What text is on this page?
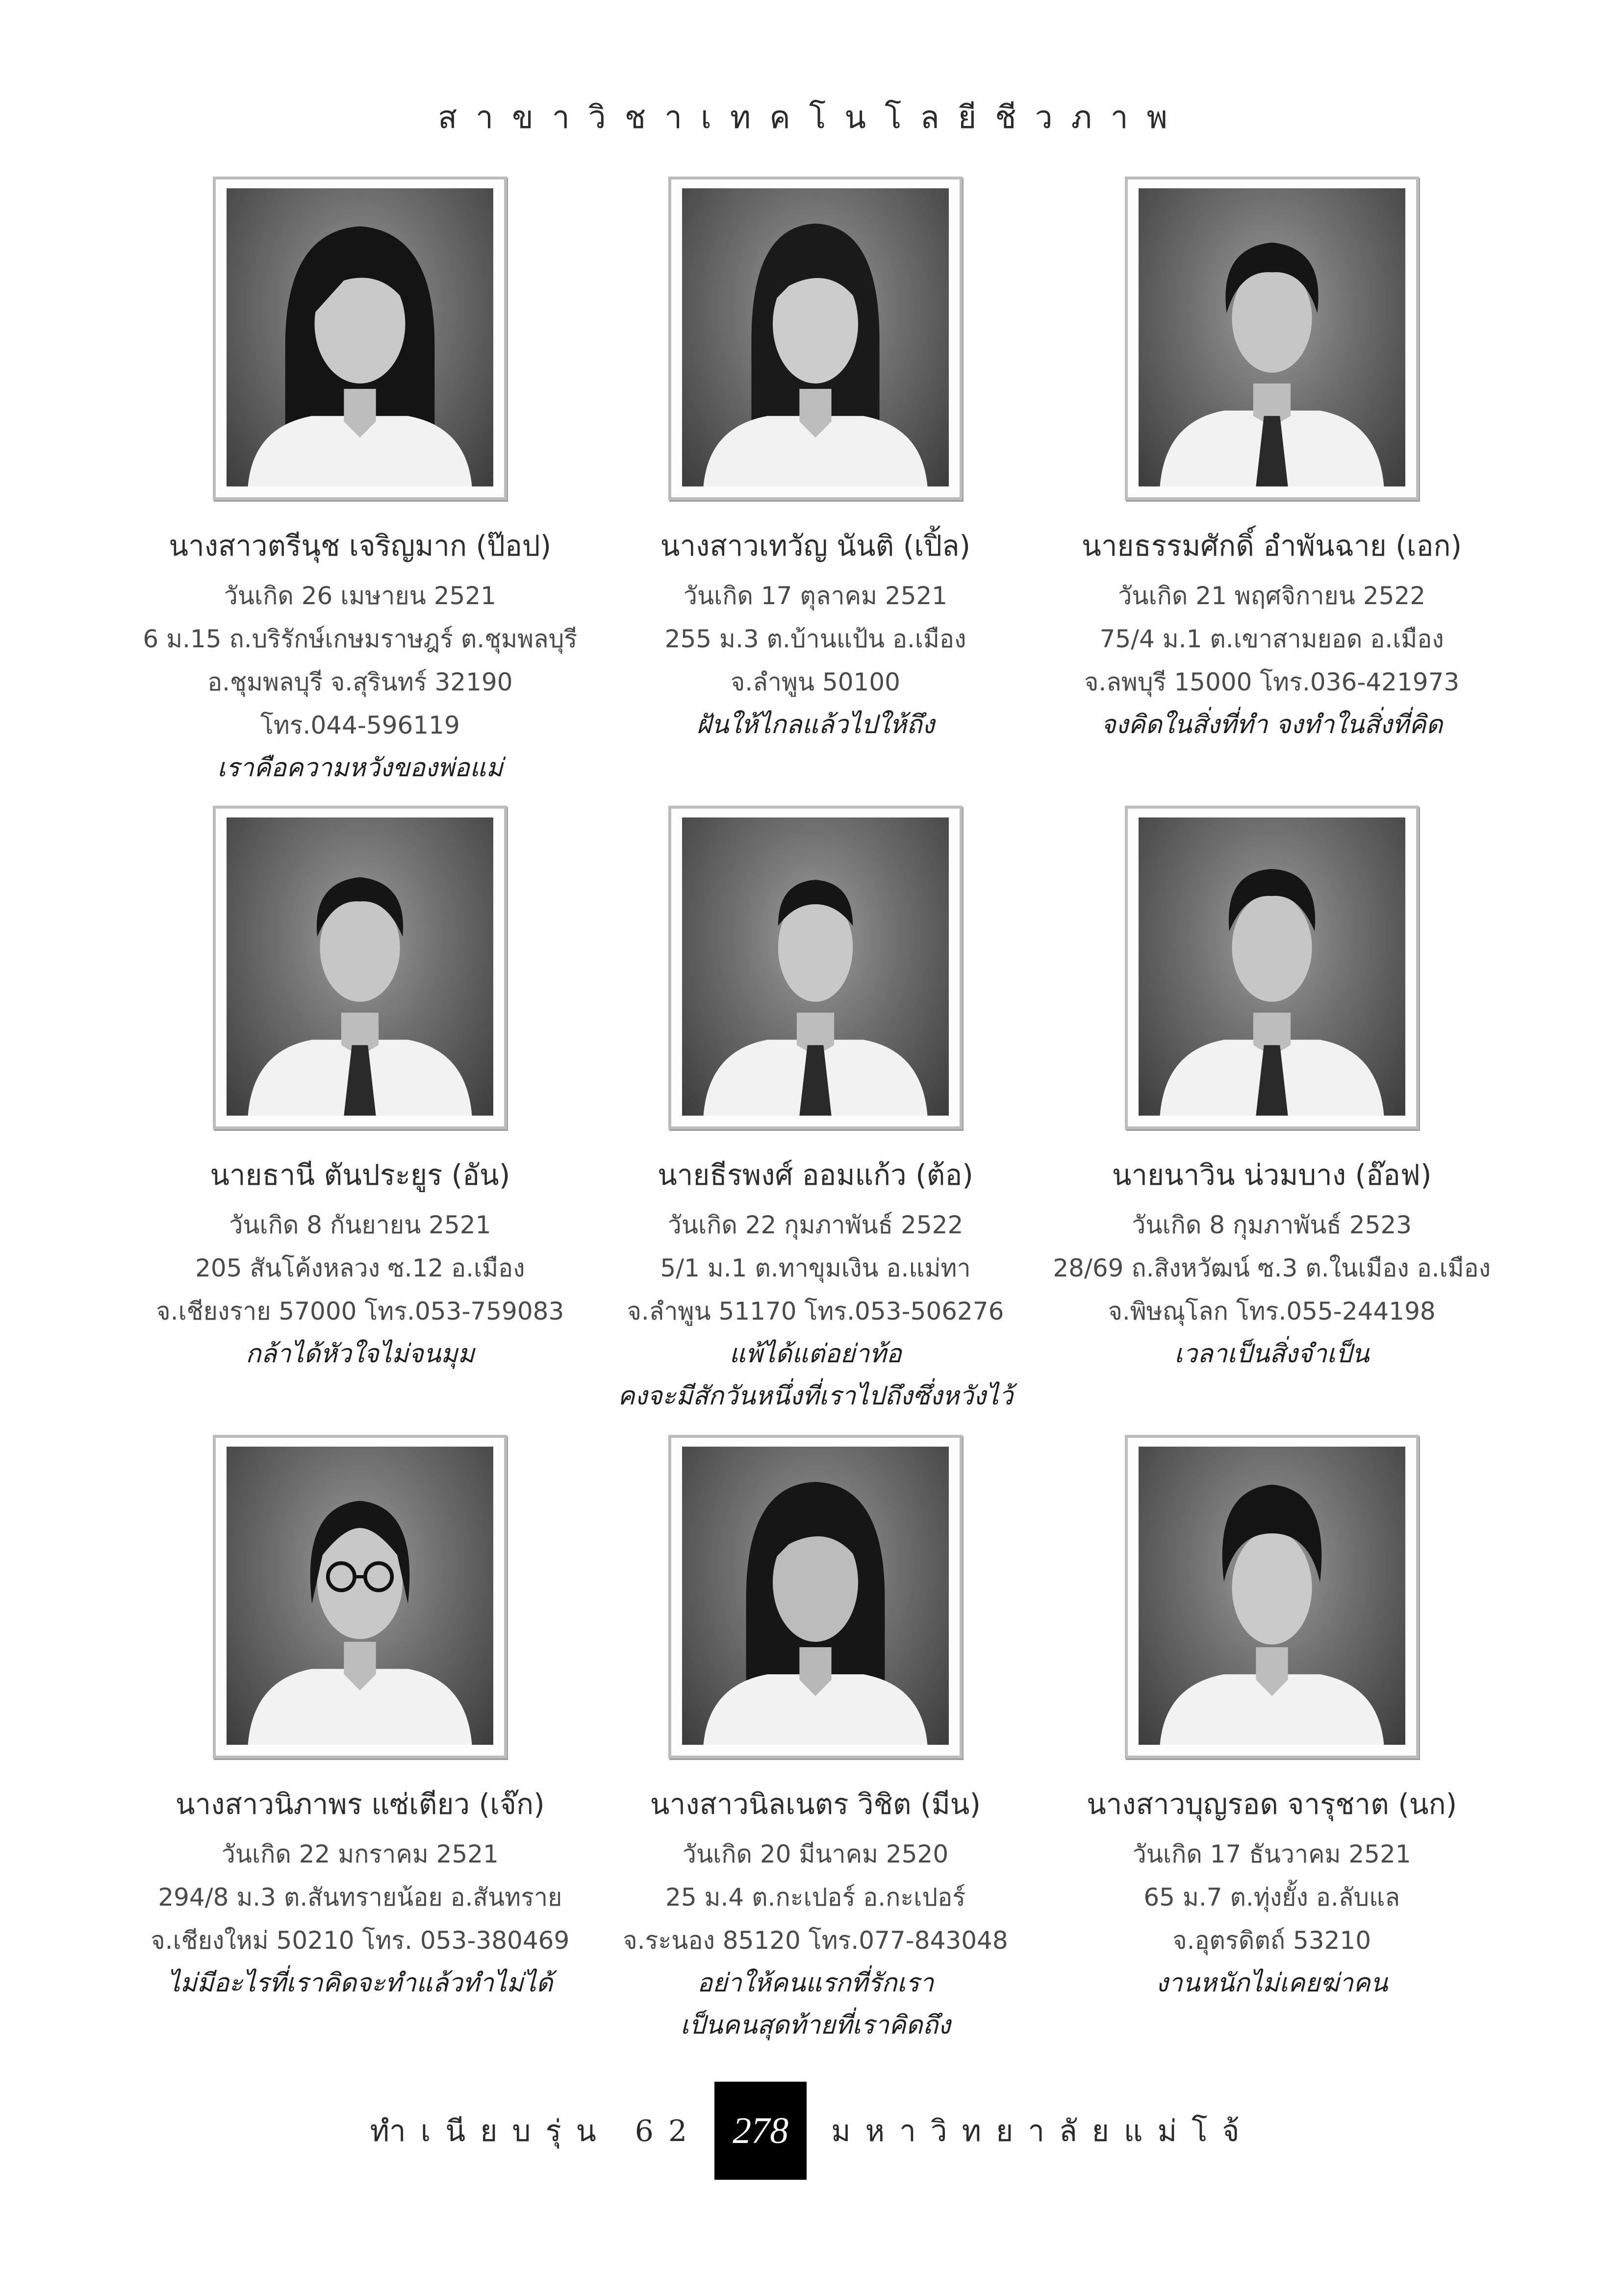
สาขาวิชาเทคโนโลยีชีวภาพ
นางสาวตรีนุช เจริญมาก (ป๊อป)
วันเกิด 26 เมษายน 2521
6 ม.15 ถ.บริรักษ์เกษมราษฎร์ ต.ชุมพลบุรี
อ.ชุมพลบุรี จ.สุรินทร์ 32190
โทร.044-596119
เราคือความหวังของพ่อแม่
นางสาวเทวัญ นันติ (เปิ้ล)
วันเกิด 17 ตุลาคม 2521
255 ม.3 ต.บ้านแป้น อ.เมือง
จ.ลำพูน 50100
ฝันให้ไกลแล้วไปให้ถึง
นายธรรมศักดิ์ อำพันฉาย (เอก)
วันเกิด 21 พฤศจิกายน 2522
75/4 ม.1 ต.เขาสามยอด อ.เมือง
จ.ลพบุรี 15000 โทร.036-421973
จงคิดในสิ่งที่ทำ จงทำในสิ่งที่คิด
นายธานี ตันประยูร (อัน)
วันเกิด 8 กันยายน 2521
205 สันโค้งหลวง ซ.12 อ.เมือง
จ.เชียงราย 57000 โทร.053-759083
กล้าได้หัวใจไม่จนมุม
นายธีรพงศ์ ออมแก้ว (ต้อ)
วันเกิด 22 กุมภาพันธ์ 2522
5/1 ม.1 ต.ทาขุมเงิน อ.แม่ทา
จ.ลำพูน 51170 โทร.053-506276
แพ้ได้แต่อย่าท้อ
คงจะมีสักวันหนึ่งที่เราไปถึงซึ่งหวังไว้
นายนาวิน น่วมบาง (อ๊อฟ)
วันเกิด 8 กุมภาพันธ์ 2523
28/69 ถ.สิงหวัฒน์ ซ.3 ต.ในเมือง อ.เมือง
จ.พิษณุโลก โทร.055-244198
เวลาเป็นสิ่งจำเป็น
นางสาวนิภาพร แซ่เตียว (เจ๊ก)
วันเกิด 22 มกราคม 2521
294/8 ม.3 ต.สันทรายน้อย อ.สันทราย
จ.เชียงใหม่ 50210 โทร. 053-380469
ไม่มีอะไรที่เราคิดจะทำแล้วทำไม่ได้
นางสาวนิลเนตร วิชิต (มีน)
วันเกิด 20 มีนาคม 2520
25 ม.4 ต.กะเปอร์ อ.กะเปอร์
จ.ระนอง 85120 โทร.077-843048
อย่าให้คนแรกที่รักเรา
เป็นคนสุดท้ายที่เราคิดถึง
นางสาวบุญรอด จารุชาต (นก)
วันเกิด 17 ธันวาคม 2521
65 ม.7 ต.ทุ่งยั้ง อ.ลับแล
จ.อุตรดิตถ์ 53210
งานหนักไม่เคยฆ่าคน
ทำเนียบรุ่น 62 278	มหาวิทยาลัยแม่โจ้
